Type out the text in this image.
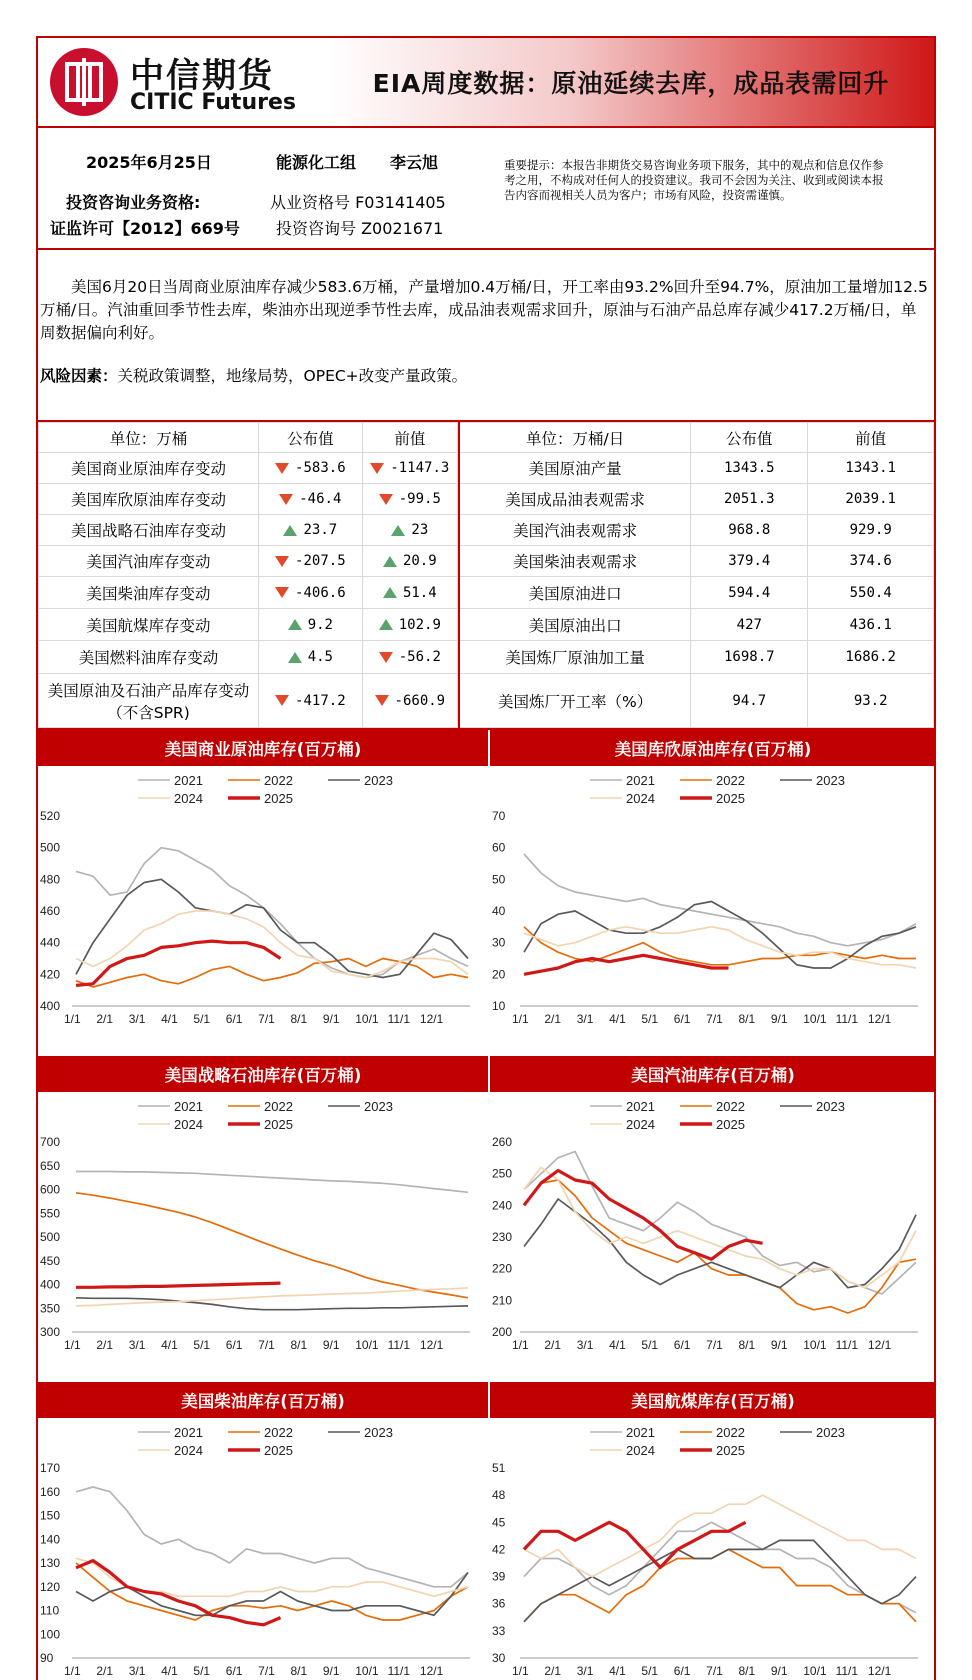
中信期货
CITIC Futures
EIA周度数据：原油延续去库，成品表需回升
2025年6月25日	能源化工组 李云旭
投资咨询业务资格:
证监许可【2012】669号
从业资格号 F03141405
投资咨询号 Z0021671
重要提示：本报告非期货交易咨询业务项下服务，其中的观点和信息仅作参考之用，不构成对任何人的投资建议。我司不会因为关注、收到或阅读本报告内容而视相关人员为客户；市场有风险，投资需谨慎。

美国6月20日当周商业原油库存减少583.6万桶，产量增加0.4万桶/日，开工率由93.2%回升至94.7%，原油加工量增加12.5万桶/日。汽油重回季节性去库，柴油亦出现逆季节性去库，成品油表观需求回升，原油与石油产品总库存减少417.2万桶/日，单周数据偏向利好。

风险因素：关税政策调整，地缘局势，OPEC+改变产量政策。

单位：万桶	公布值	前值
美国商业原油库存变动	-583.6	-1147.3
美国库欣原油库存变动	-46.4	-99.5
美国战略石油库存变动	23.7	23
美国汽油库存变动	-207.5	20.9
美国柴油库存变动	-406.6	51.4
美国航煤库存变动	9.2	102.9
美国燃料油库存变动	4.5	-56.2
美国原油及石油产品库存变动（不含SPR)	-417.2	-660.9
单位：万桶/日	公布值	前值
美国原油产量	1343.5	1343.1
美国成品油表观需求	2051.3	2039.1
美国汽油表观需求	968.8	929.9
美国柴油表观需求	379.4	374.6
美国原油进口	594.4	550.4
美国原油出口	427	436.1
美国炼厂原油加工量	1698.7	1686.2
美国炼厂开工率（%）	94.7	93.2
美国商业原油库存(百万桶)
2021	2022	2023
2024	2025
400
420
440
460
480
500
520
1/1 2/1 3/1 4/1 5/1 6/1 7/1 8/1 9/1 10/1 11/1 12/1
美国库欣原油库存(百万桶)
2021	2022	2023
2024	2025
10
20
30
40
50
60
70
1/1 2/1 3/1 4/1 5/1 6/1 7/1 8/1 9/1 10/1 11/1 12/1
美国战略石油库存(百万桶)
2021	2022	2023
2024	2025
300
350
400
450
500
550
600
650
700
1/1 2/1 3/1 4/1 5/1 6/1 7/1 8/1 9/1 10/1 11/1 12/1
美国汽油库存(百万桶)
2021	2022	2023
2024	2025
200
210
220
230
240
250
260
1/1 2/1 3/1 4/1 5/1 6/1 7/1 8/1 9/1 10/1 11/1 12/1
美国柴油库存(百万桶)
2021	2022	2023
2024	2025
90
100
110
120
130
140
150
160
170
1/1 2/1 3/1 4/1 5/1 6/1 7/1 8/1 9/1 10/1 11/1 12/1
美国航煤库存(百万桶)
2021	2022	2023
2024	2025
30
33
36
39
42
45
48
51
1/1 2/1 3/1 4/1 5/1 6/1 7/1 8/1 9/1 10/1 11/1 12/1
